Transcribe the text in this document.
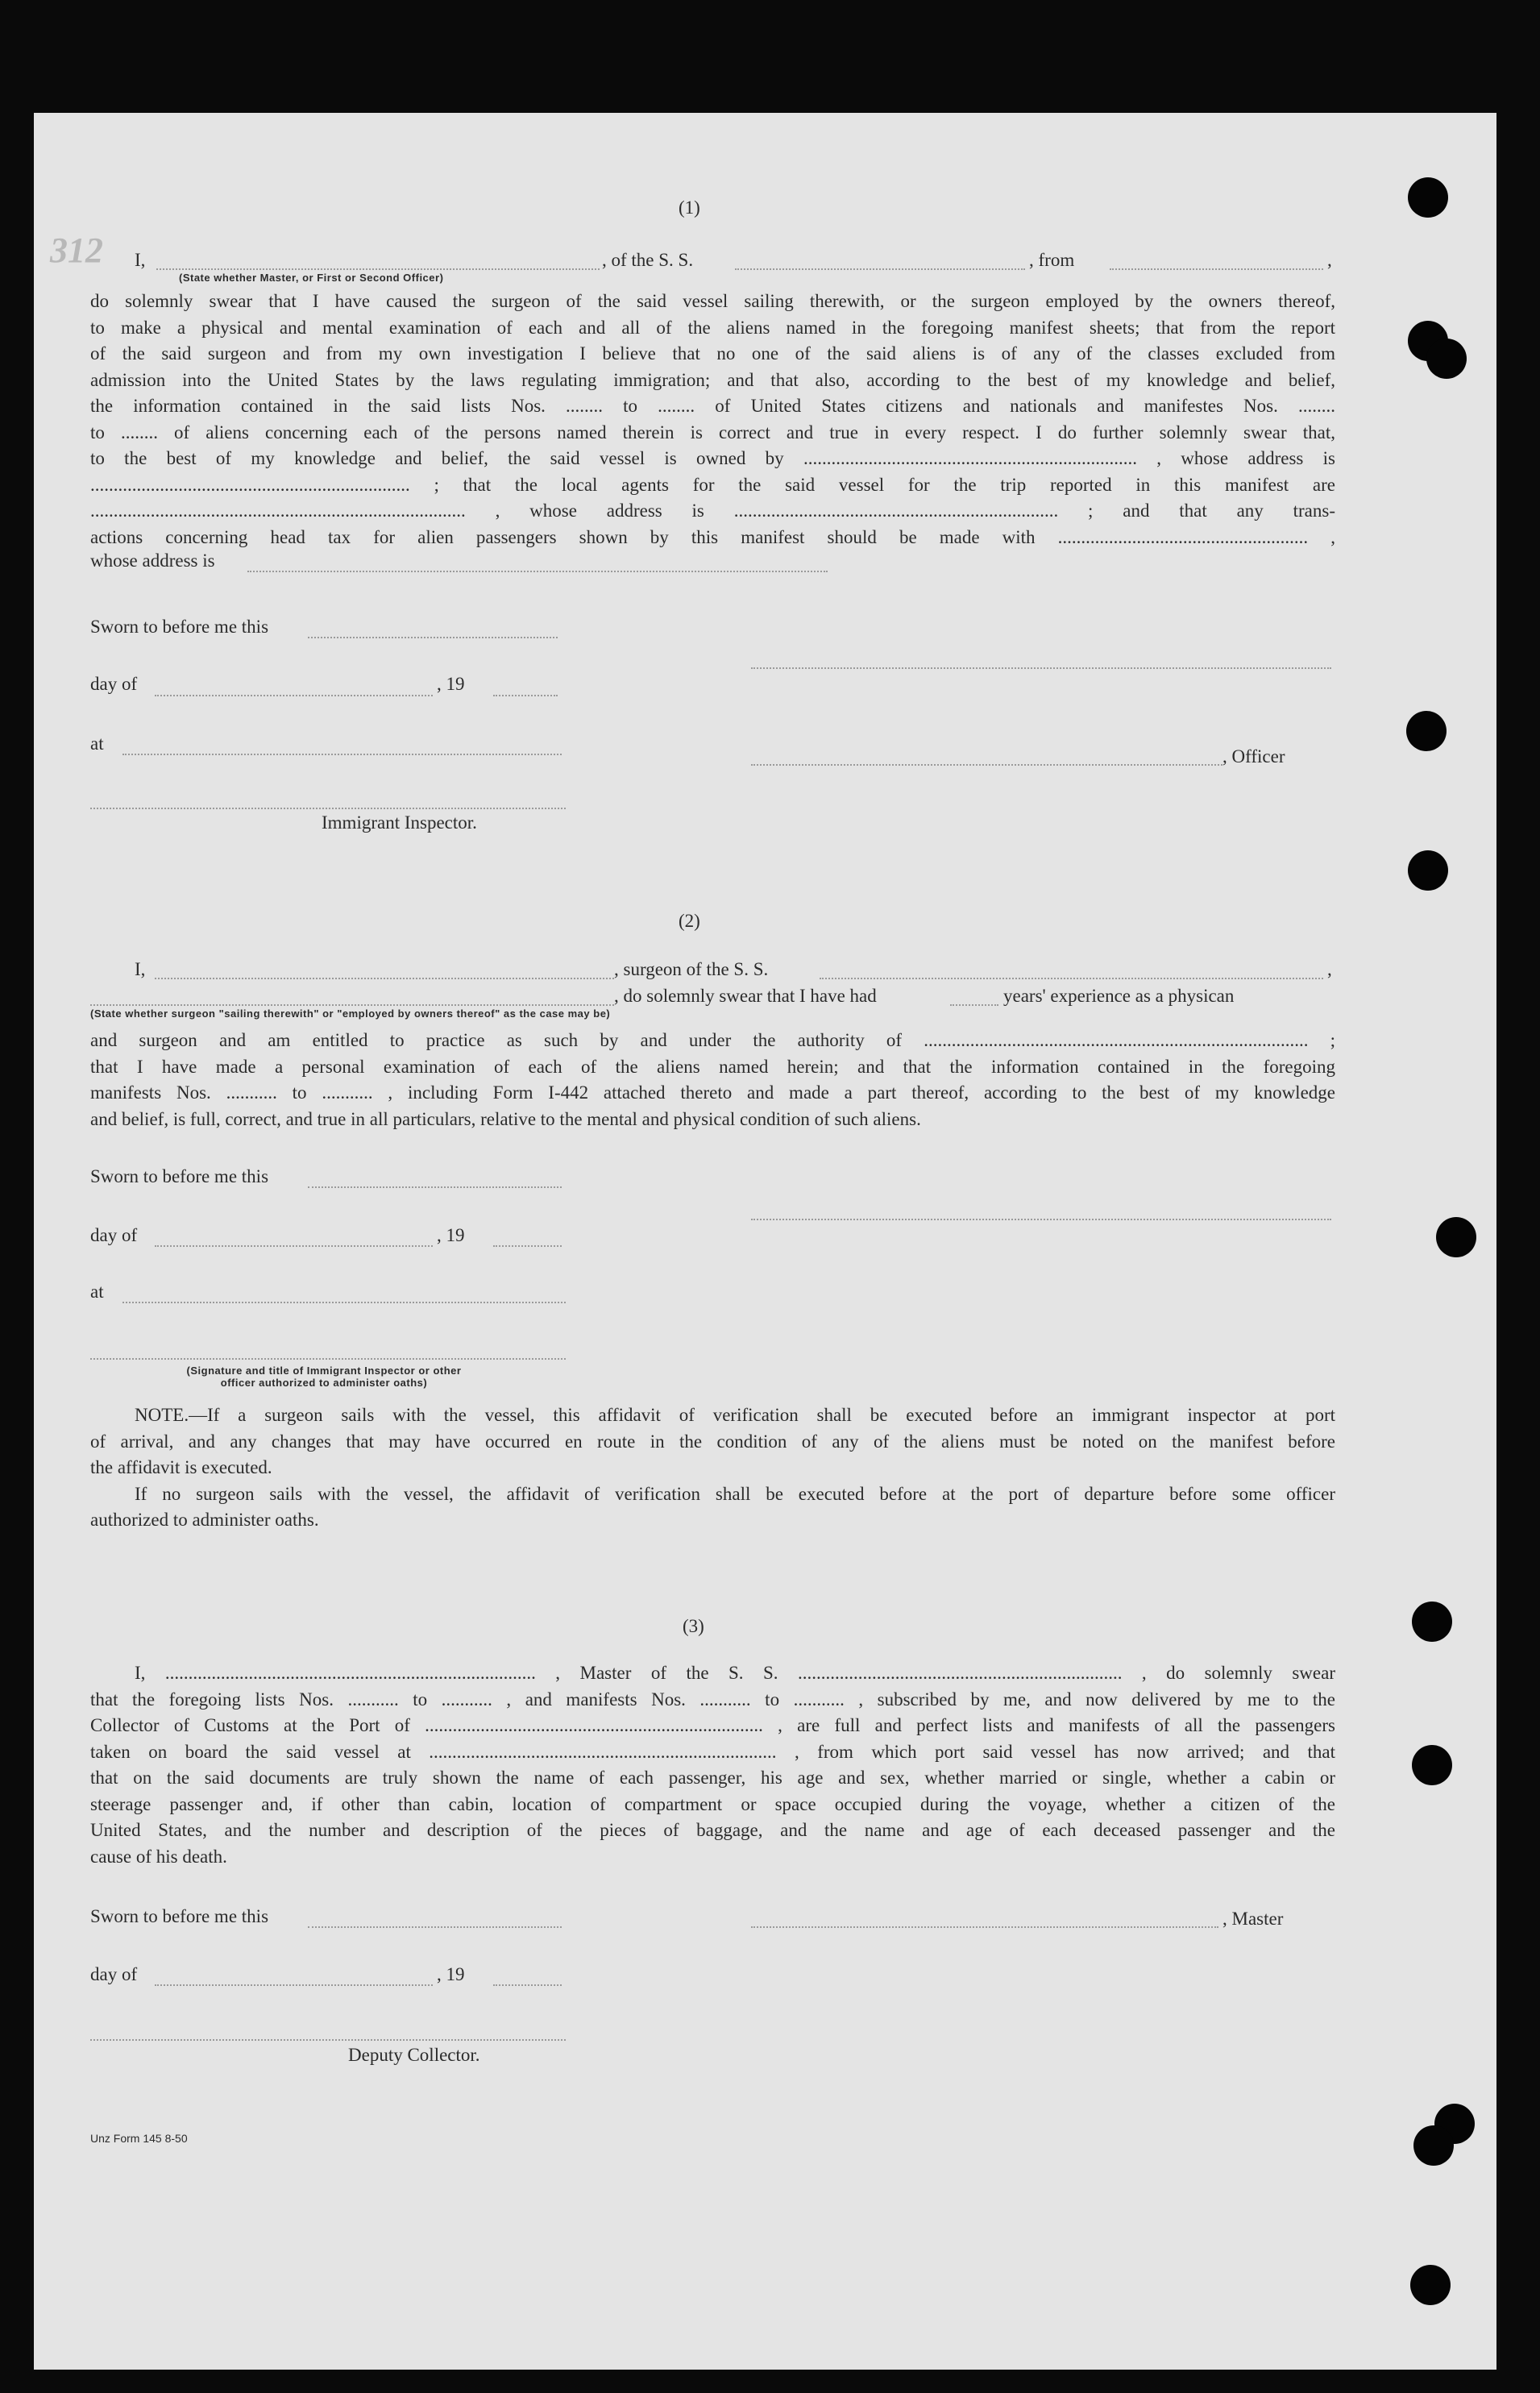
312
(1)
I,	, of the S. S.	, from	,
(State whether Master, or First or Second Officer)
do solemnly swear that I have caused the surgeon of the said vessel sailing therewith, or the surgeon employed by the owners thereof,
to make a physical and mental examination of each and all of the aliens named in the foregoing manifest sheets; that from the report
of the said surgeon and from my own investigation I believe that no one of the said aliens is of any of the classes excluded from
admission into the United States by the laws regulating immigration; and that also, according to the best of my knowledge and belief,
the information contained in the said lists Nos. ........ to ........ of United States citizens and nationals and manifestes Nos. ........
to ........ of aliens concerning each of the persons named therein is correct and true in every respect. I do further solemnly swear that,
to the best of my knowledge and belief, the said vessel is owned by ........................................................................ , whose address is
..................................................................... ; that the local agents for the said vessel for the trip reported in this manifest are
................................................................................. , whose address is ...................................................................... ; and that any trans-
actions concerning head tax for alien passengers shown by this manifest should be made with ...................................................... ,
whose address is
Sworn to before me this
day of	, 19
at
, Officer
Immigrant Inspector.
(2)
I,	, surgeon of the S. S.	,
, do solemnly swear that I have had	years' experience as a physican
(State whether surgeon "sailing therewith" or "employed by owners thereof" as the case may be)
and surgeon and am entitled to practice as such by and under the authority of ................................................................................... ;
that I have made a personal examination of each of the aliens named herein; and that the information contained in the foregoing
manifests Nos. ........... to ........... , including Form I-442 attached thereto and made a part thereof, according to the best of my knowledge
and belief, is full, correct, and true in all particulars, relative to the mental and physical condition of such aliens.
Sworn to before me this
day of	, 19
at
(Signature and title of Immigrant Inspector or other
officer authorized to administer oaths)
NOTE.—If a surgeon sails with the vessel, this affidavit of verification shall be executed before an immigrant inspector at port
of arrival, and any changes that may have occurred en route in the condition of any of the aliens must be noted on the manifest before
the affidavit is executed.
If no surgeon sails with the vessel, the affidavit of verification shall be executed before at the port of departure before some officer
authorized to administer oaths.
(3)
I, ................................................................................ , Master of the S. S. ...................................................................... , do solemnly swear
that the foregoing lists Nos. ........... to ........... , and manifests Nos. ........... to ........... , subscribed by me, and now delivered by me to the
Collector of Customs at the Port of ......................................................................... , are full and perfect lists and manifests of all the passengers
taken on board the said vessel at ........................................................................... , from which port said vessel has now arrived; and that
that on the said documents are truly shown the name of each passenger, his age and sex, whether married or single, whether a cabin or
steerage passenger and, if other than cabin, location of compartment or space occupied during the voyage, whether a citizen of the
United States, and the number and description of the pieces of baggage, and the name and age of each deceased passenger and the
cause of his death.
Sworn to before me this	, Master
day of	, 19
Deputy Collector.
Unz Form 145 8-50
